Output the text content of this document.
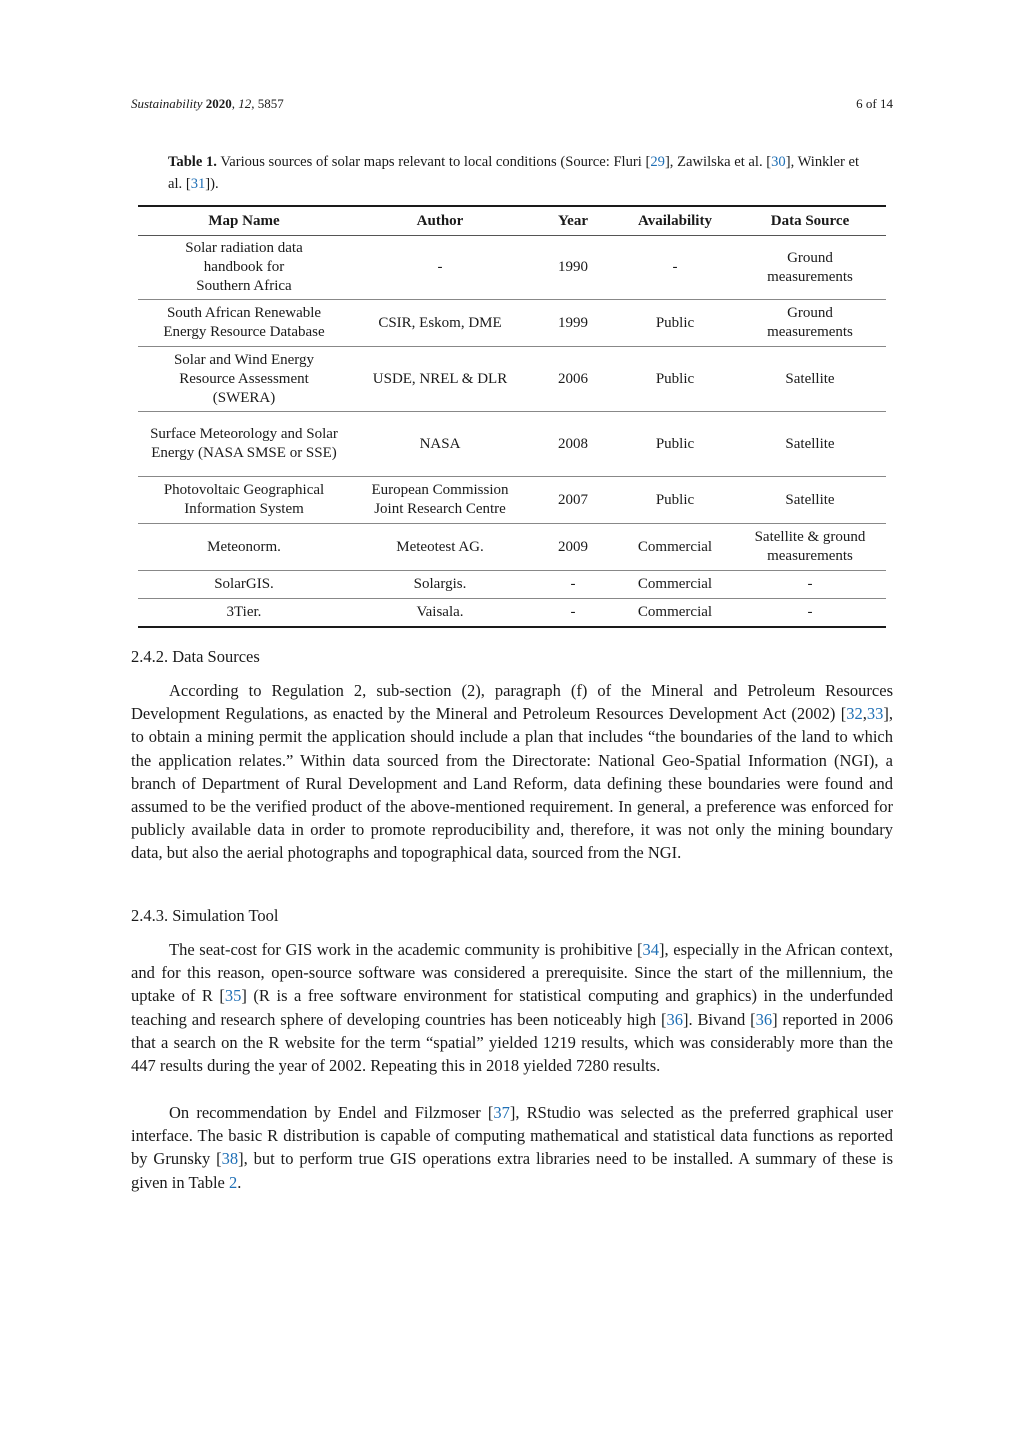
Sustainability 2020, 12, 5857	6 of 14
Table 1. Various sources of solar maps relevant to local conditions (Source: Fluri [29], Zawilska et al. [30], Winkler et al. [31]).
Map Name	Author	Year	Availability	Data Source
Solar radiation data handbook for Southern Africa	-	1990	-	Ground measurements
South African Renewable Energy Resource Database	CSIR, Eskom, DME	1999	Public	Ground measurements
Solar and Wind Energy Resource Assessment (SWERA)	USDE, NREL & DLR	2006	Public	Satellite
Surface Meteorology and Solar Energy (NASA SMSE or SSE)	NASA	2008	Public	Satellite
Photovoltaic Geographical Information System	European Commission Joint Research Centre	2007	Public	Satellite
Meteonorm.	Meteotest AG.	2009	Commercial	Satellite & ground measurements
SolarGIS.	Solargis.	-	Commercial	-
3Tier.	Vaisala.	-	Commercial	-
2.4.2. Data Sources

According to Regulation 2, sub-section (2), paragraph (f) of the Mineral and Petroleum Resources Development Regulations, as enacted by the Mineral and Petroleum Resources Development Act (2002) [32,33], to obtain a mining permit the application should include a plan that includes “the boundaries of the land to which the application relates.” Within data sourced from the Directorate: National Geo-Spatial Information (NGI), a branch of Department of Rural Development and Land Reform, data defining these boundaries were found and assumed to be the verified product of the above-mentioned requirement. In general, a preference was enforced for publicly available data in order to promote reproducibility and, therefore, it was not only the mining boundary data, but also the aerial photographs and topographical data, sourced from the NGI.

2.4.3. Simulation Tool

The seat-cost for GIS work in the academic community is prohibitive [34], especially in the African context, and for this reason, open-source software was considered a prerequisite. Since the start of the millennium, the uptake of R [35] (R is a free software environment for statistical computing and graphics) in the underfunded teaching and research sphere of developing countries has been noticeably high [36]. Bivand [36] reported in 2006 that a search on the R website for the term “spatial” yielded 1219 results, which was considerably more than the 447 results during the year of 2002. Repeating this in 2018 yielded 7280 results.

On recommendation by Endel and Filzmoser [37], RStudio was selected as the preferred graphical user interface. The basic R distribution is capable of computing mathematical and statistical data functions as reported by Grunsky [38], but to perform true GIS operations extra libraries need to be installed. A summary of these is given in Table 2.
